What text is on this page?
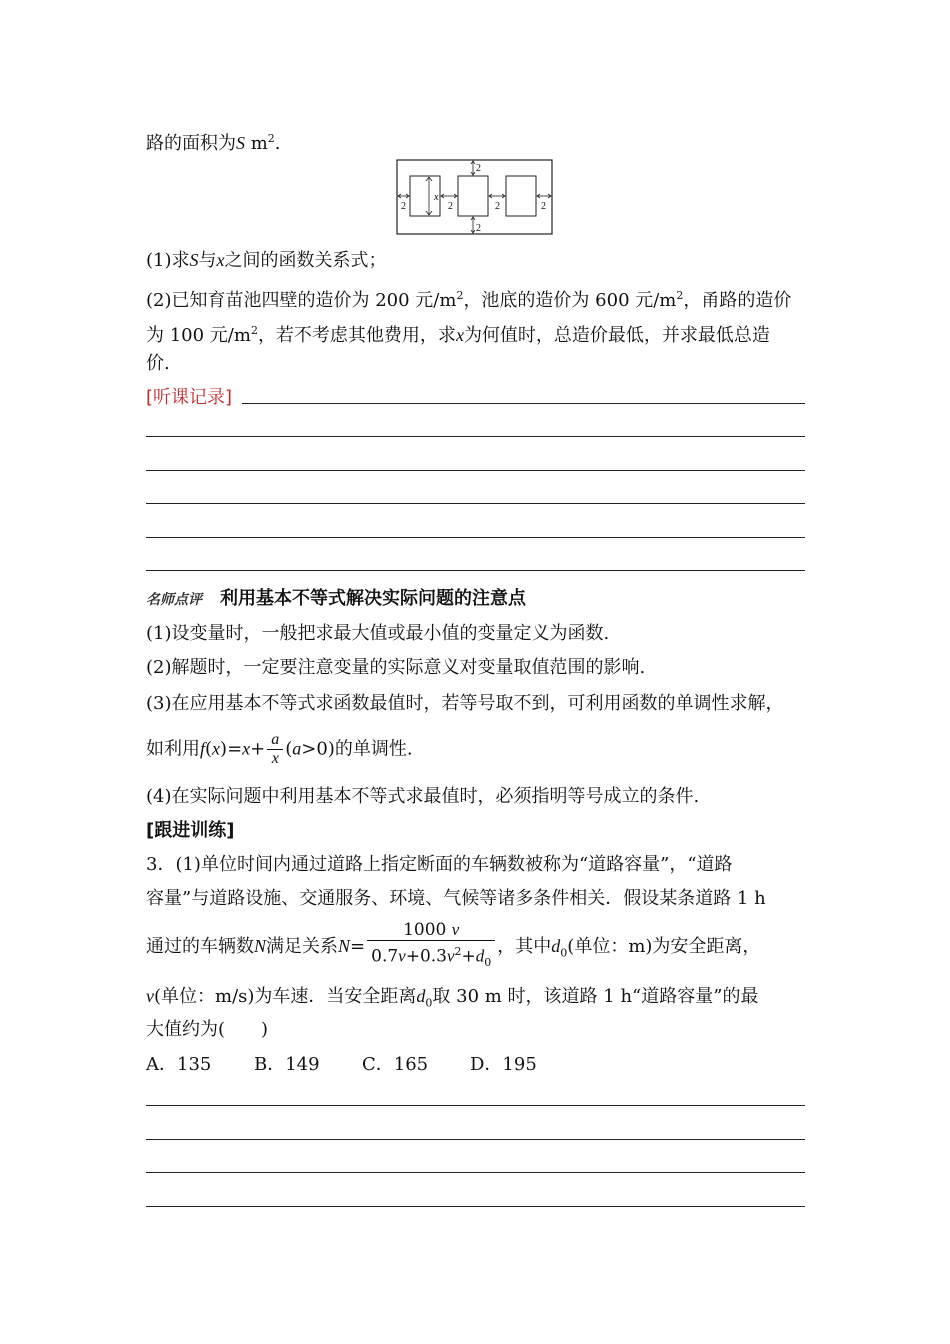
路的面积为S $m^2$.
x
2	2	2	2
2
2
(1)求S与x之间的函数关系式；
(2)已知育苗池四壁的造价为 200 元$/m^2$，池底的造价为 600 元$/m^2$，甬路的造价
为 100 元$/m^2$，若不考虑其他费用，求x为何值时，总造价最低，并求最低总造
价.
[听课记录]
名师点评 利用基本不等式解决实际问题的注意点
(1)设变量时，一般把求最大值或最小值的变量定义为函数.
(2)解题时，一定要注意变量的实际意义对变量取值范围的影响.
(3)在应用基本不等式求函数最值时，若等号取不到，可利用函数的单调性求解，
如利用$f(x)=x+ \frac{a}{x} (a>0)$的单调性.
(4)在实际问题中利用基本不等式求最值时，必须指明等号成立的条件.
[跟进训练]
3．(1)单位时间内通过道路上指定断面的车辆数被称为“道路容量”，“道路
容量”与道路设施、交通服务、环境、气候等诸多条件相关．假设某条道路 1 h
通过的车辆数N满足关系$N= \frac{1000 v}{0.7v+0.3v^2+d_0}$ ，其中$d_0$(单位：m)为安全距离，
v(单位：m/s)为车速．当安全距离$d_0$取 30 m 时，该道路 1 h“道路容量”的最
大值约为(　　)
A．135 B．149 C．165 D．195
